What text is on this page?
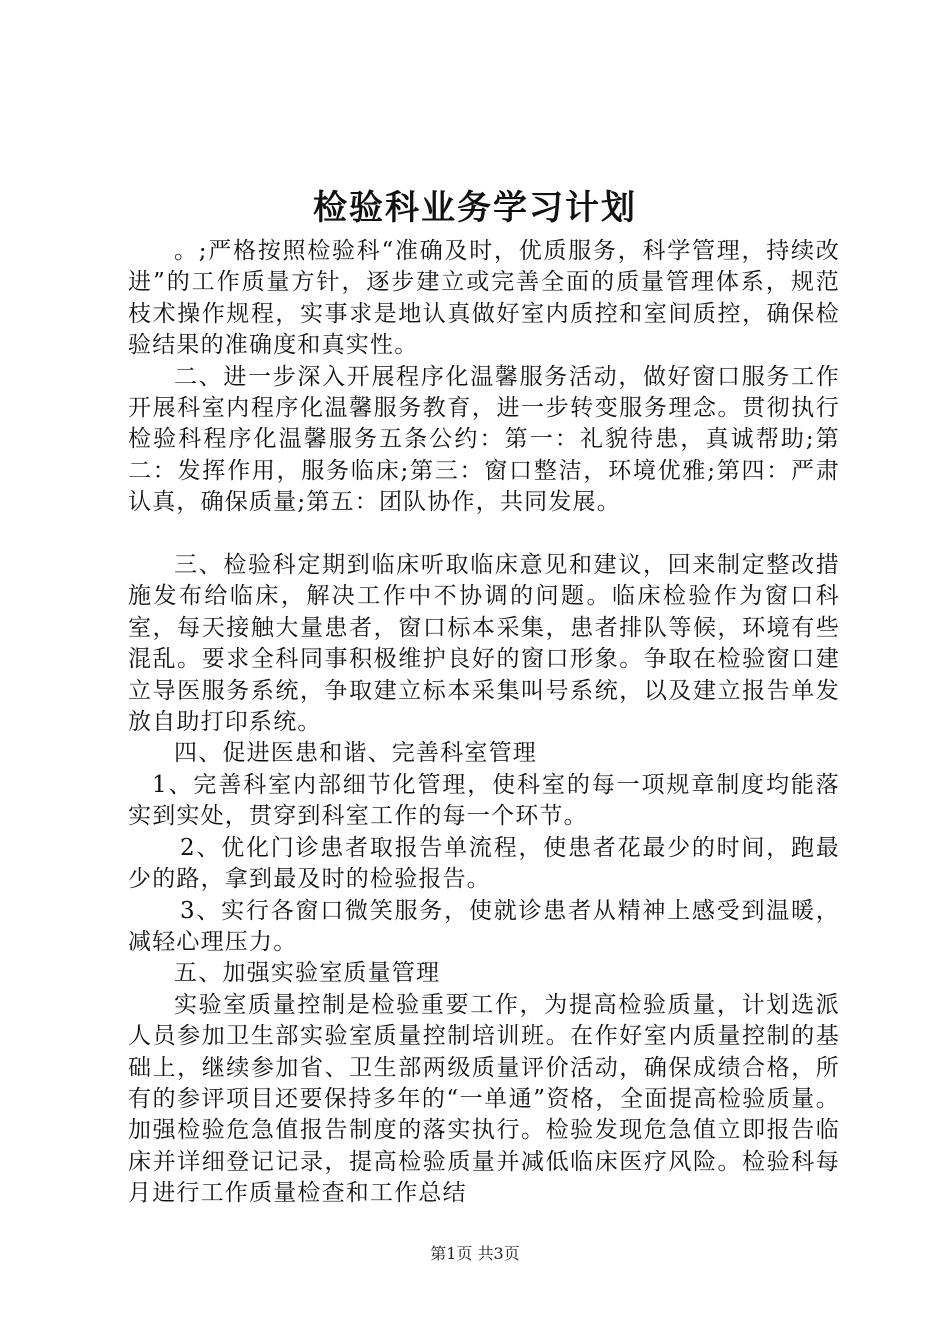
检验科业务学习计划

。;严格按照检验科“准确及时，优质服务，科学管理，持续改进”的工作质量方针，逐步建立或完善全面的质量管理体系，规范枝术操作规程，实事求是地认真做好室内质控和室间质控，确保检验结果的准确度和真实性。

二、进一步深入开展程序化温馨服务活动，做好窗口服务工作开展科室内程序化温馨服务教育，进一步转变服务理念。贯彻执行检验科程序化温馨服务五条公约：第一：礼貌待患，真诚帮助;第二：发挥作用，服务临床;第三：窗口整洁，环境优雅;第四：严肃认真，确保质量;第五：团队协作，共同发展。

三、检验科定期到临床听取临床意见和建议，回来制定整改措施发布给临床，解决工作中不协调的问题。临床检验作为窗口科室，每天接触大量患者，窗口标本采集，患者排队等候，环境有些混乱。要求全科同事积极维护良好的窗口形象。争取在检验窗口建立导医服务系统，争取建立标本采集叫号系统，以及建立报告单发放自助打印系统。

四、促进医患和谐、完善科室管理

1、完善科室内部细节化管理，使科室的每一项规章制度均能落实到实处，贯穿到科室工作的每一个环节。

2、优化门诊患者取报告单流程，使患者花最少的时间，跑最少的路，拿到最及时的检验报告。

3、实行各窗口微笑服务，使就诊患者从精神上感受到温暖，减轻心理压力。

五、加强实验室质量管理

实验室质量控制是检验重要工作，为提高检验质量，计划选派人员参加卫生部实验室质量控制培训班。在作好室内质量控制的基础上，继续参加省、卫生部两级质量评价活动，确保成绩合格，所有的参评项目还要保持多年的“一单通”资格，全面提高检验质量。加强检验危急值报告制度的落实执行。检验发现危急值立即报告临床并详细登记记录，提高检验质量并减低临床医疗风险。检验科每月进行工作质量检查和工作总结

第1页 共3页
